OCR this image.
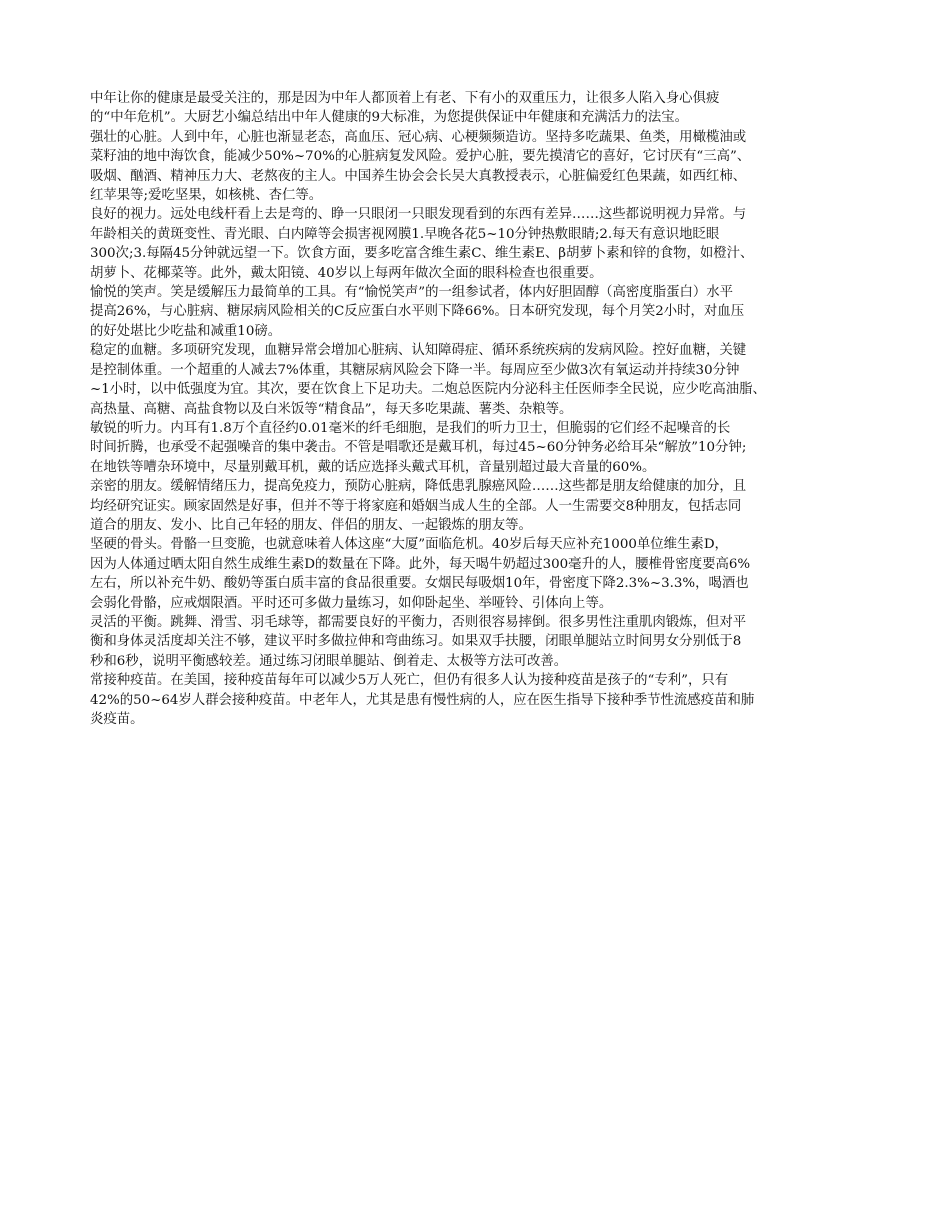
中年让你的健康是最受关注的，那是因为中年人都顶着上有老、下有小的双重压力，让很多人陷入身心俱疲
的“中年危机”。大厨艺小编总结出中年人健康的9大标准，为您提供保证中年健康和充满活力的法宝。
强壮的心脏。人到中年，心脏也渐显老态，高血压、冠心病、心梗频频造访。坚持多吃蔬果、鱼类，用橄榄油或
菜籽油的地中海饮食，能减少50%~70%的心脏病复发风险。爱护心脏，要先摸清它的喜好，它讨厌有“三高”、
吸烟、酗酒、精神压力大、老熬夜的主人。中国养生协会会长吴大真教授表示，心脏偏爱红色果蔬，如西红柿、
红苹果等;爱吃坚果，如核桃、杏仁等。
良好的视力。远处电线杆看上去是弯的、睁一只眼闭一只眼发现看到的东西有差异……这些都说明视力异常。与
年龄相关的黄斑变性、青光眼、白内障等会损害视网膜1.早晚各花5~10分钟热敷眼睛;2.每天有意识地眨眼
300次;3.每隔45分钟就远望一下。饮食方面，要多吃富含维生素C、维生素E、β胡萝卜素和锌的食物，如橙汁、
胡萝卜、花椰菜等。此外，戴太阳镜、40岁以上每两年做次全面的眼科检查也很重要。
愉悦的笑声。笑是缓解压力最简单的工具。有“愉悦笑声”的一组参试者，体内好胆固醇（高密度脂蛋白）水平
提高26%，与心脏病、糖尿病风险相关的C反应蛋白水平则下降66%。日本研究发现，每个月笑2小时，对血压
的好处堪比少吃盐和减重10磅。
稳定的血糖。多项研究发现，血糖异常会增加心脏病、认知障碍症、循环系统疾病的发病风险。控好血糖，关键
是控制体重。一个超重的人减去7%体重，其糖尿病风险会下降一半。每周应至少做3次有氧运动并持续30分钟
~1小时，以中低强度为宜。其次，要在饮食上下足功夫。二炮总医院内分泌科主任医师李全民说，应少吃高油脂、
高热量、高糖、高盐食物以及白米饭等“精食品”，每天多吃果蔬、薯类、杂粮等。
敏锐的听力。内耳有1.8万个直径约0.01毫米的纤毛细胞，是我们的听力卫士，但脆弱的它们经不起噪音的长
时间折腾，也承受不起强噪音的集中袭击。不管是唱歌还是戴耳机，每过45~60分钟务必给耳朵“解放”10分钟;
在地铁等嘈杂环境中，尽量别戴耳机，戴的话应选择头戴式耳机，音量别超过最大音量的60%。
亲密的朋友。缓解情绪压力，提高免疫力，预防心脏病，降低患乳腺癌风险……这些都是朋友给健康的加分，且
均经研究证实。顾家固然是好事，但并不等于将家庭和婚姻当成人生的全部。人一生需要交8种朋友，包括志同
道合的朋友、发小、比自己年轻的朋友、伴侣的朋友、一起锻炼的朋友等。
坚硬的骨头。骨骼一旦变脆，也就意味着人体这座“大厦”面临危机。40岁后每天应补充1000单位维生素D，
因为人体通过晒太阳自然生成维生素D的数量在下降。此外，每天喝牛奶超过300毫升的人，腰椎骨密度要高6%
左右，所以补充牛奶、酸奶等蛋白质丰富的食品很重要。女烟民每吸烟10年，骨密度下降2.3%~3.3%，喝酒也
会弱化骨骼，应戒烟限酒。平时还可多做力量练习，如仰卧起坐、举哑铃、引体向上等。
灵活的平衡。跳舞、滑雪、羽毛球等，都需要良好的平衡力，否则很容易摔倒。很多男性注重肌肉锻炼，但对平
衡和身体灵活度却关注不够，建议平时多做拉伸和弯曲练习。如果双手扶腰，闭眼单腿站立时间男女分别低于8
秒和6秒，说明平衡感较差。通过练习闭眼单腿站、倒着走、太极等方法可改善。
常接种疫苗。在美国，接种疫苗每年可以减少5万人死亡，但仍有很多人认为接种疫苗是孩子的“专利”，只有
42%的50~64岁人群会接种疫苗。中老年人，尤其是患有慢性病的人，应在医生指导下接种季节性流感疫苗和肺
炎疫苗。
